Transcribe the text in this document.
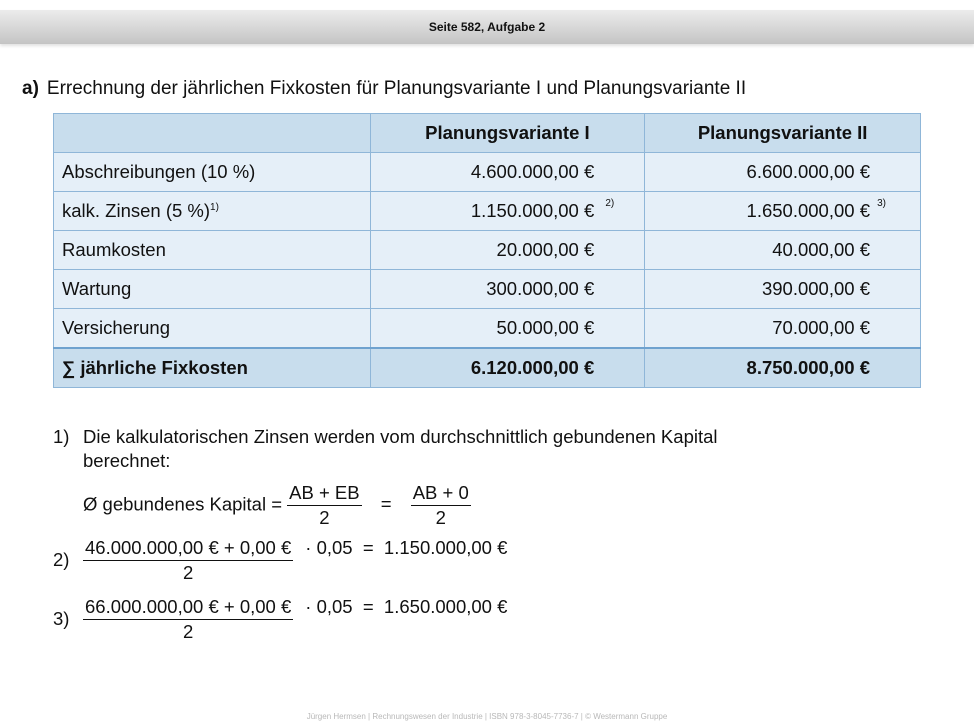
Seite 582, Aufgabe 2
a) Errechnung der jährlichen Fixkosten für Planungsvariante I und Planungsvariante II
	Planungsvariante I	Planungsvariante II
Abschreibungen (10 %)	4.600.000,00 €	6.600.000,00 €

kalk. Zinsen (5 %)$^{1)}$	1.150.000,00 € 2)	1.650.000,00 € 3)

Raumkosten	20.000,00 €	40.000,00 €

Wartung	300.000,00 €	390.000,00 €

Versicherung	50.000,00 €	70.000,00 €

∑ jährliche Fixkosten	6.120.000,00 €	8.750.000,00 €
1) Die kalkulatorischen Zinsen werden vom durchschnittlich gebundenen Kapital
berechnet:
Ø gebundenes Kapital = $\frac{AB + EB}{2} = \frac{AB + 0}{2}$
$2) \frac{46.000.000,00 € + 0,00 €}{2} \cdot 0,05 = 1.150.000,00$ €
$3) \frac{66.000.000,00 € + 0,00 €}{2} \cdot 0,05 = 1.650.000,00$ €
Jürgen Hermsen | Rechnungswesen der Industrie | ISBN 978-3-8045-7736-7 | © Westermann Gruppe
